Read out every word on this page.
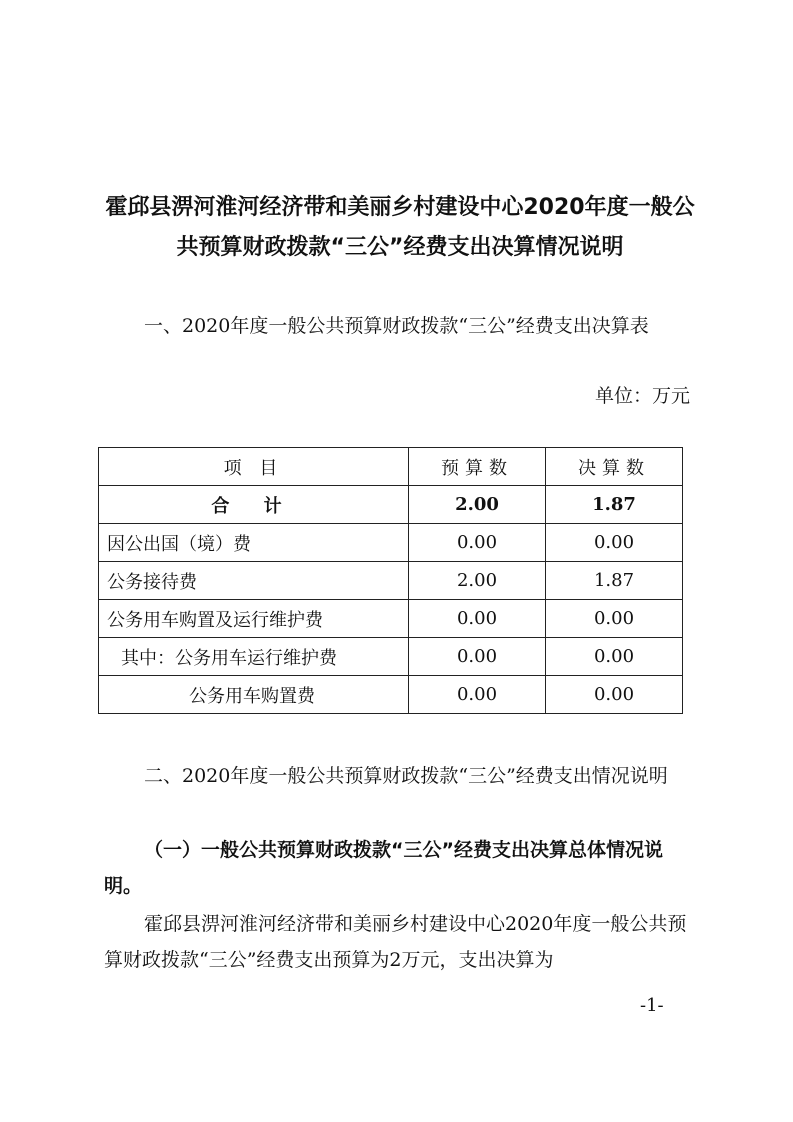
霍邱县淠河淮河经济带和美丽乡村建设中心2020年度一般公共预算财政拨款“三公”经费支出决算情况说明

一、2020年度一般公共预算财政拨款“三公”经费支出决算表

单位：万元

项 目	预算数	决算数
合 计	2.00	1.87
因公出国（境）费	0.00	0.00
公务接待费	2.00	1.87
公务用车购置及运行维护费	0.00	0.00
其中：公务用车运行维护费	0.00	0.00
公务用车购置费	0.00	0.00

二、2020年度一般公共预算财政拨款“三公”经费支出情况说明

（一）一般公共预算财政拨款“三公”经费支出决算总体情况说明。

霍邱县淠河淮河经济带和美丽乡村建设中心2020年度一般公共预算财政拨款“三公”经费支出预算为2万元，支出决算为

-1-
